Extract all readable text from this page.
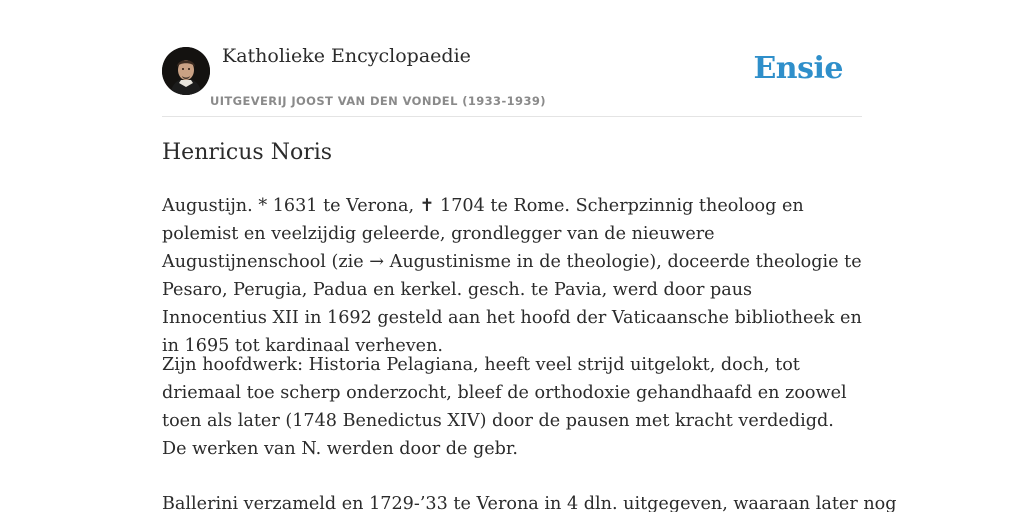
Katholieke Encyclopaedie
UITGEVERIJ JOOST VAN DEN VONDEL (1933-1939)
Ensie
Henricus Noris

Augustijn. * 1631 te Verona, ✝ 1704 te Rome. Scherpzinnig theoloog en polemist en veelzijdig geleerde, grondlegger van de nieuwere Augustijnenschool (zie → Augustinisme in de theologie), doceerde theologie te Pesaro, Perugia, Padua en kerkel. gesch. te Pavia, werd door paus Innocentius XII in 1692 gesteld aan het hoofd der Vaticaansche bibliotheek en in 1695 tot kardinaal verheven.

Zijn hoofdwerk: Historia Pelagiana, heeft veel strijd uitgelokt, doch, tot driemaal toe scherp onderzocht, bleef de orthodoxie gehandhaafd en zoowel toen als later (1748 Benedictus XIV) door de pausen met kracht verdedigd. De werken van N. werden door de gebr.

Ballerini verzameld en 1729-’33 te Verona in 4 dln. uitgegeven, waaraan later nog
